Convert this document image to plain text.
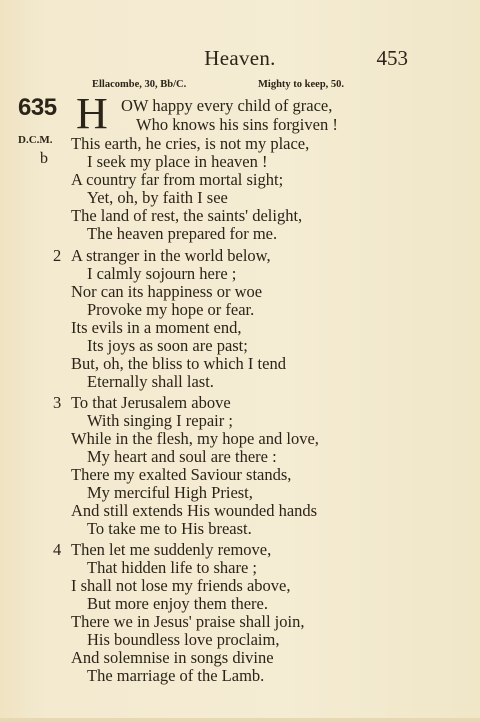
Heaven.	453
Ellacombe, 30, Bb/C.	Mighty to keep, 50.
635 H
D.C.M.
b
OW happy every child of grace,
Who knows his sins forgiven !
This earth, he cries, is not my place,
I seek my place in heaven !
A country far from mortal sight;
Yet, oh, by faith I see
The land of rest, the saints' delight,
The heaven prepared for me.
2 A stranger in the world below,
I calmly sojourn here ;
Nor can its happiness or woe
Provoke my hope or fear.
Its evils in a moment end,
Its joys as soon are past;
But, oh, the bliss to which I tend
Eternally shall last.
3 To that Jerusalem above
With singing I repair ;
While in the flesh, my hope and love,
My heart and soul are there :
There my exalted Saviour stands,
My merciful High Priest,
And still extends His wounded hands
To take me to His breast.
4 Then let me suddenly remove,
That hidden life to share ;
I shall not lose my friends above,
But more enjoy them there.
There we in Jesus' praise shall join,
His boundless love proclaim,
And solemnise in songs divine
The marriage of the Lamb.
